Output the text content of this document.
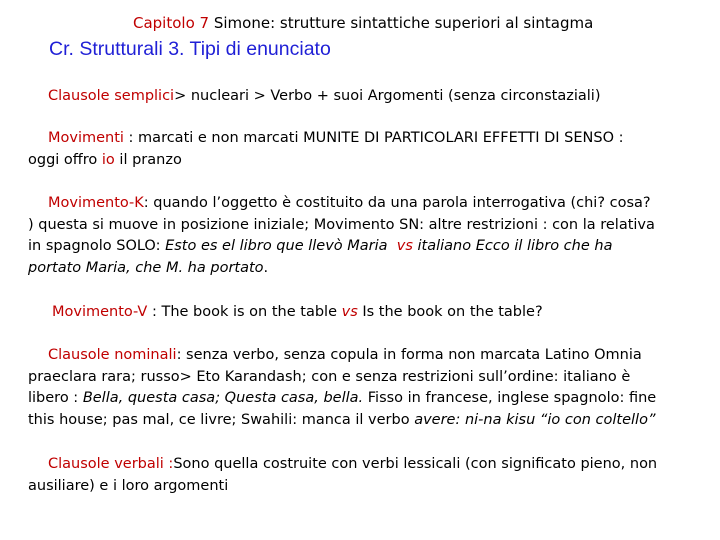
Capitolo 7 Simone: strutture sintattiche superiori al sintagma
Cr. Strutturali 3. Tipi di enunciato
Clausole semplici> nucleari > Verbo + suoi Argomenti (senza circonstaziali)
Movimenti : marcati e non marcati MUNITE DI PARTICOLARI EFFETTI DI SENSO :
oggi offro io il pranzo
Movimento-K: quando l’oggetto è costituito da una parola interrogativa (chi? cosa?
) questa si muove in posizione iniziale; Movimento SN: altre restrizioni : con la relativa
in spagnolo SOLO: Esto es el libro que llevò Maria vs italiano Ecco il libro che ha
portato Maria, che M. ha portato.
Movimento-V : The book is on the table vs Is the book on the table?
Clausole nominali: senza verbo, senza copula in forma non marcata Latino Omnia
praeclara rara; russo> Eto Karandash; con e senza restrizioni sull’ordine: italiano è
libero : Bella, questa casa; Questa casa, bella. Fisso in francese, inglese spagnolo: fine
this house; pas mal, ce livre; Swahili: manca il verbo avere: ni-na kisu “io con coltello”
Clausole verbali :Sono quella costruite con verbi lessicali (con significato pieno, non
ausiliare) e i loro argomenti
